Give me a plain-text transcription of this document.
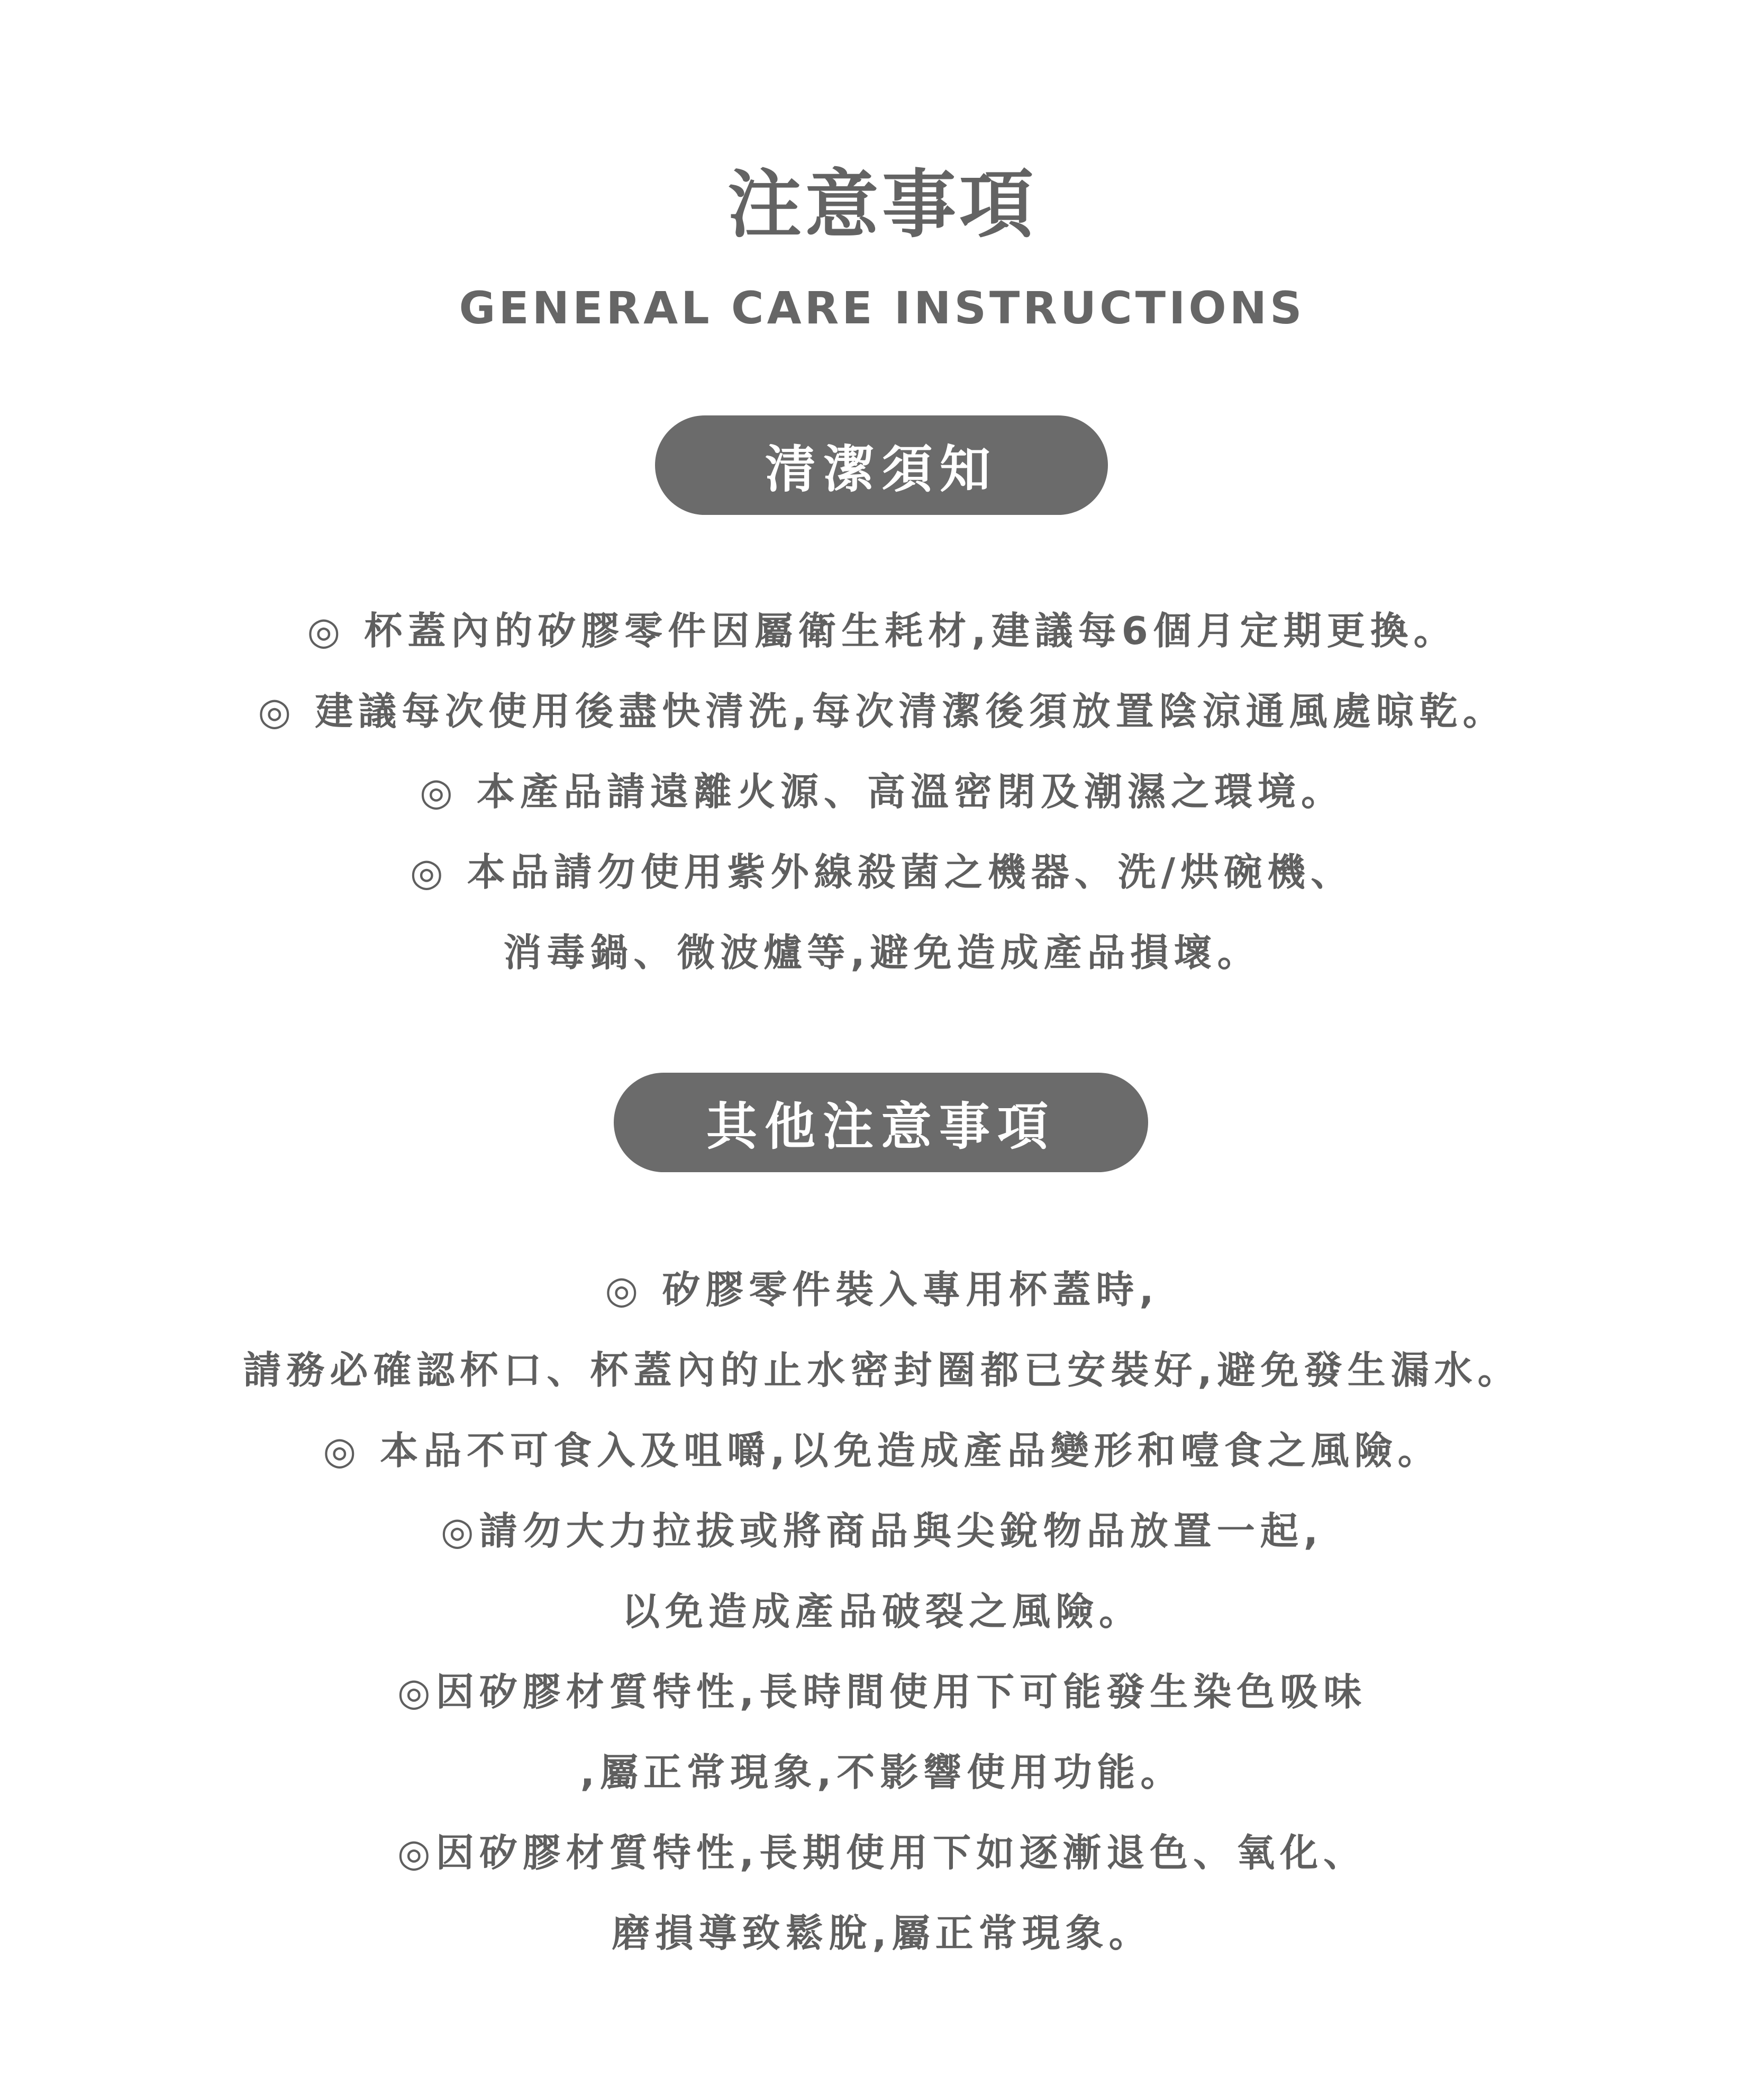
注意事項
GENERAL CARE INSTRUCTIONS
清潔須知
◎ 杯蓋內的矽膠零件因屬衛生耗材,建議每6個月定期更換。
◎ 建議每次使用後盡快清洗,每次清潔後須放置陰涼通風處晾乾。
◎ 本產品請遠離火源、高溫密閉及潮濕之環境。
◎ 本品請勿使用紫外線殺菌之機器、洗/烘碗機、
消毒鍋、微波爐等,避免造成產品損壞。
其他注意事項
◎ 矽膠零件裝入專用杯蓋時,
請務必確認杯口、杯蓋內的止水密封圈都已安裝好,避免發生漏水。
◎ 本品不可食入及咀嚼,以免造成產品變形和噎食之風險。
◎請勿大力拉拔或將商品與尖銳物品放置一起,
以免造成產品破裂之風險。
◎因矽膠材質特性,長時間使用下可能發生染色吸味
,屬正常現象,不影響使用功能。
◎因矽膠材質特性,長期使用下如逐漸退色、氧化、
磨損導致鬆脫,屬正常現象。
